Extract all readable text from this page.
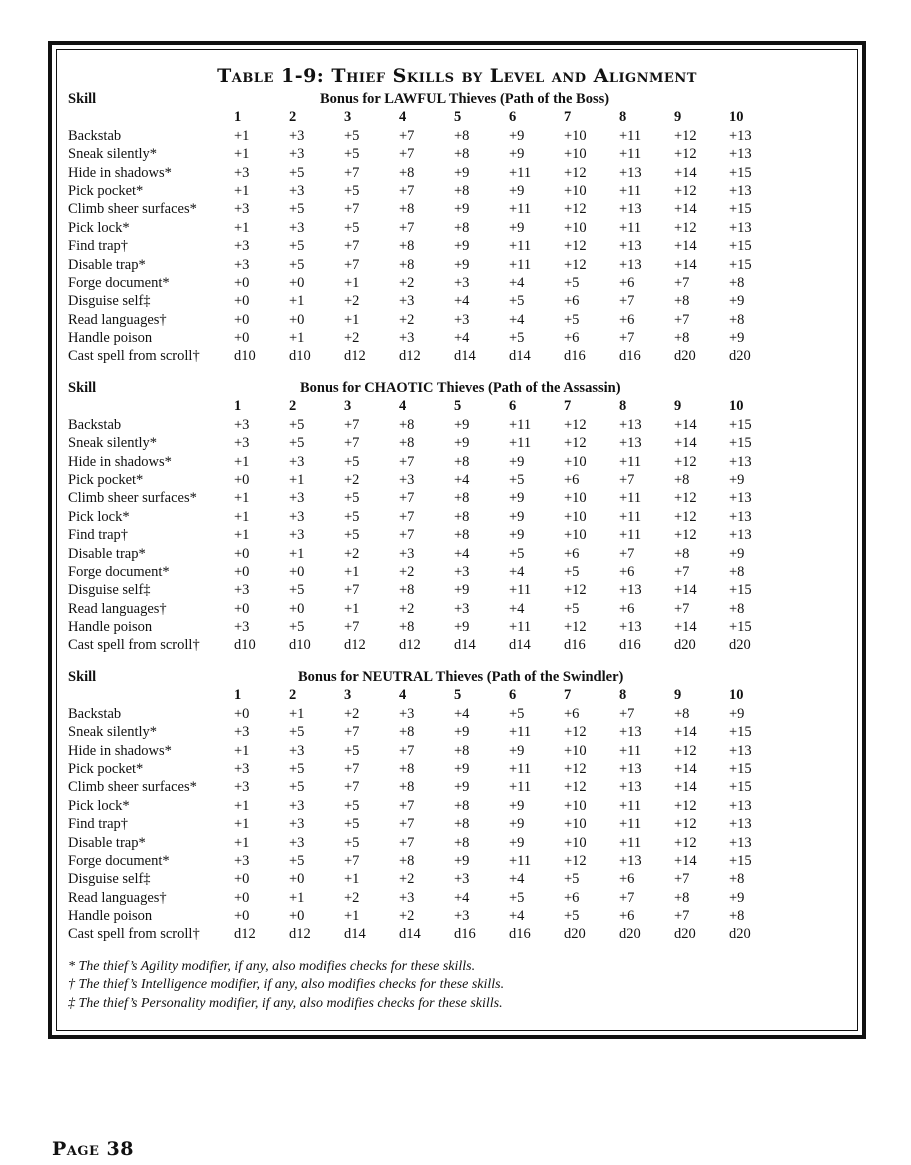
Table 1-9: Thief Skills by Level and Alignment
Skill	Bonus for LAWFUL Thieves (Path of the Boss)
1	2	3	4	5	6	7	8	9	10
Backstab	+1	+3	+5	+7	+8	+9	+10 +11 +12 +13
Sneak silently*	+1	+3	+5	+7	+8	+9	+10 +11 +12 +13
Hide in shadows*	+3	+5	+7	+8	+9	+11 +12 +13 +14 +15
Pick pocket*	+1	+3	+5	+7	+8	+9	+10 +11 +12 +13
Climb sheer surfaces*	+3	+5	+7	+8	+9	+11 +12 +13 +14 +15
Pick lock*	+1	+3	+5	+7	+8	+9	+10 +11 +12 +13
Find trap†	+3	+5	+7	+8	+9	+11 +12 +13 +14 +15
Disable trap*	+3	+5	+7	+8	+9	+11 +12 +13 +14 +15
Forge document*	+0	+0	+1	+2	+3	+4	+5	+6	+7	+8
Disguise self‡	+0	+1	+2	+3	+4	+5	+6	+7	+8	+9
Read languages†	+0	+0	+1	+2	+3	+4	+5	+6	+7	+8
Handle poison	+0	+1	+2	+3	+4	+5	+6	+7	+8	+9
Cast spell from scroll† d10 d10 d12 d12 d14 d14 d16 d16 d20 d20
Skill	Bonus for CHAOTIC Thieves (Path of the Assassin)
1	2	3	4	5	6	7	8	9	10
Backstab	+3	+5	+7	+8	+9	+11 +12 +13 +14 +15
Sneak silently*	+3	+5	+7	+8	+9	+11 +12 +13 +14 +15
Hide in shadows*	+1	+3	+5	+7	+8	+9	+10 +11 +12 +13
Pick pocket*	+0	+1	+2	+3	+4	+5	+6	+7	+8	+9
Climb sheer surfaces*	+1	+3	+5	+7	+8	+9	+10 +11 +12 +13
Pick lock*	+1	+3	+5	+7	+8	+9	+10 +11 +12 +13
Find trap†	+1	+3	+5	+7	+8	+9	+10 +11 +12 +13
Disable trap*	+0	+1	+2	+3	+4	+5	+6	+7	+8	+9
Forge document*	+0	+0	+1	+2	+3	+4	+5	+6	+7	+8
Disguise self‡	+3	+5	+7	+8	+9	+11 +12 +13 +14 +15
Read languages†	+0	+0	+1	+2	+3	+4	+5	+6	+7	+8
Handle poison	+3	+5	+7	+8	+9	+11 +12 +13 +14 +15
Cast spell from scroll† d10 d10 d12 d12 d14 d14 d16 d16 d20 d20
Skill	Bonus for NEUTRAL Thieves (Path of the Swindler)
1	2	3	4	5	6	7	8	9	10
Backstab	+0	+1	+2	+3	+4	+5	+6	+7	+8	+9
Sneak silently*	+3	+5	+7	+8	+9	+11 +12 +13 +14 +15
Hide in shadows*	+1	+3	+5	+7	+8	+9	+10 +11 +12 +13
Pick pocket*	+3	+5	+7	+8	+9	+11 +12 +13 +14 +15
Climb sheer surfaces*	+3	+5	+7	+8	+9	+11 +12 +13 +14 +15
Pick lock*	+1	+3	+5	+7	+8	+9	+10 +11 +12 +13
Find trap†	+1	+3	+5	+7	+8	+9	+10 +11 +12 +13
Disable trap*	+1	+3	+5	+7	+8	+9	+10 +11 +12 +13
Forge document*	+3	+5	+7	+8	+9	+11 +12 +13 +14 +15
Disguise self‡	+0	+0	+1	+2	+3	+4	+5	+6	+7	+8
Read languages†	+0	+1	+2	+3	+4	+5	+6	+7	+8	+9
Handle poison	+0	+0	+1	+2	+3	+4	+5	+6	+7	+8
Cast spell from scroll† d12 d12 d14 d14 d16 d16 d20 d20 d20 d20
* The thief’s Agility modifier, if any, also modifies checks for these skills.
† The thief’s Intelligence modifier, if any, also modifies checks for these skills.
‡ The thief’s Personality modifier, if any, also modifies checks for these skills.
Page 38
